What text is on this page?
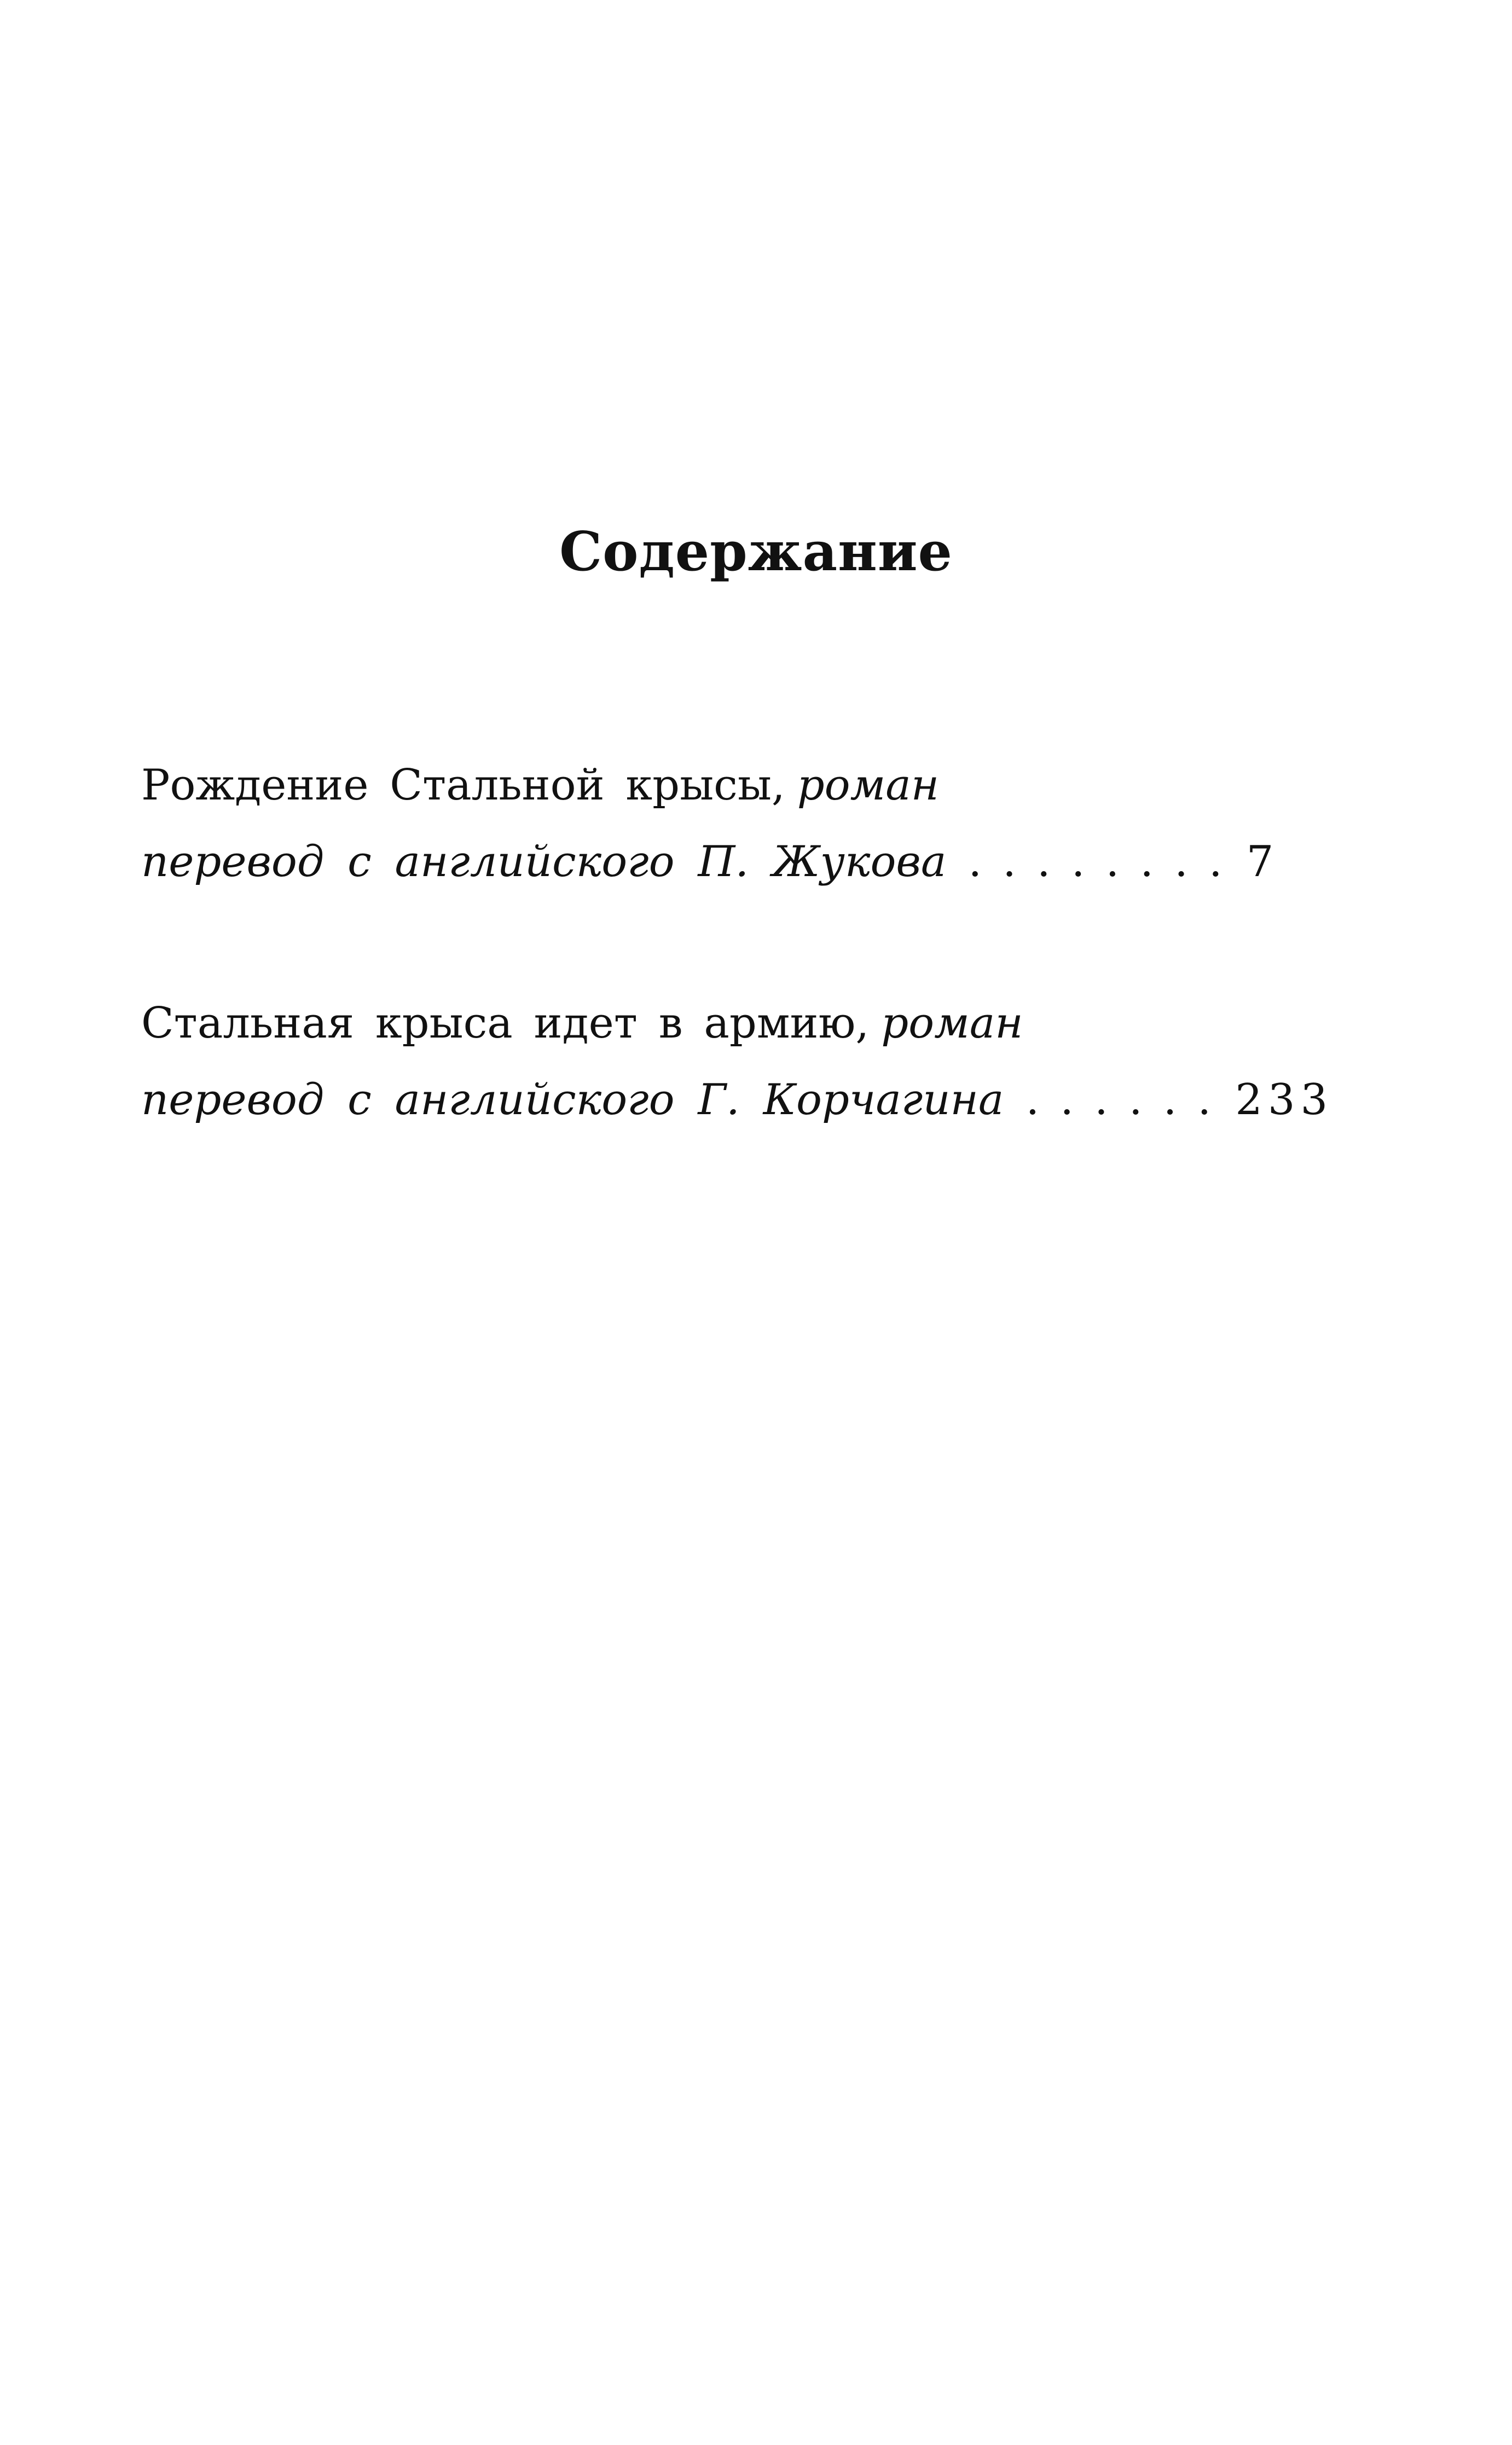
Содержание
Рождение Стальной крысы, роман
перевод с английского П. Жукова ........ 7
Стальная крыса идет в армию, роман
перевод с английского Г. Корчагина ...... 233
